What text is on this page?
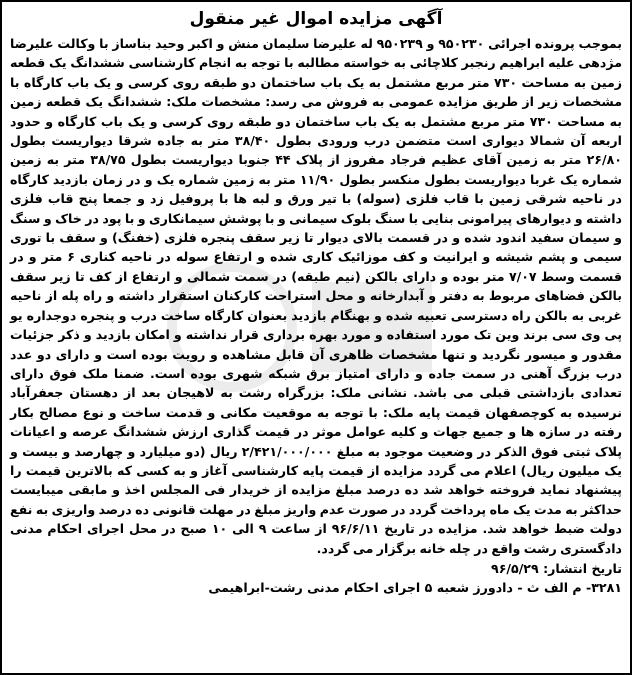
آگهی مزایده اموال غیر منقول

بموجب پرونده اجرائی ۹۵۰۲۳۰ و ۹۵۰۲۳۹ له علیرضا سلیمان منش و اکبر وحید بناساز با وکالت علیرضا مژدهی علیه ابراهیم رنجبر کلاچائی به خواسته مطالبه با توجه به انجام کارشناسی ششدانگ یک قطعه زمین به مساحت ۷۳۰ متر مربع مشتمل به یک باب ساختمان دو طبقه روی کرسی و یک باب کارگاه با مشخصات زیر از طریق مزایده عمومی به فروش می رسد: مشخصات ملک: ششدانگ یک قطعه زمین به مساحت ۷۳۰ متر مربع مشتمل به یک باب ساختمان دو طبقه روی کرسی و یک باب کارگاه و حدود اربعه آن شمالا دیواری است متضمن درب ورودی بطول ۳۸/۴۰ متر به جاده شرقا دیواریست بطول ۲۶/۸۰ متر به زمین آقای عظیم فرجاد مفروز از پلاک ۴۴ جنوبا دیواریست بطول ۳۸/۷۵ متر به زمین شماره یک غربا دیواریست بطول منکسر بطول ۱۱/۹۰ متر به زمین شماره یک و در زمان بازدید کارگاه در ناحیه شرقی زمین با قاب فلزی (سوله) با تیر ورق و لبه ها با پروفیل زد و جمعا پنج قاب فلزی داشته و دیوارهای پیرامونی بنایی با سنگ بلوک سیمانی و با پوشش سیمانکاری و با پود در خاک و سنگ و سیمان سفید اندود شده و در قسمت بالای دیوار تا زیر سقف پنجره فلزی (خفنگ) و سقف با توری سیمی و پشم شیشه و ایرانیت و کف موزائیک کاری شده و ارتفاع سوله در ناحیه کناری ۶ متر و در قسمت وسط ۷/۰۷ متر بوده و دارای بالکن (نیم طبقه) در سمت شمالی و ارتفاع از کف تا زیر سقف بالکن فضاهای مربوط به دفتر و آبدارخانه و محل استراحت کارکنان استقرار داشته و راه پله از ناحیه غربی به بالکن راه دسترسی تعبیه شده و بهنگام بازدید بعنوان کارگاه ساخت درب و پنجره دوجداره یو پی وی سی برند وین تک مورد استفاده و مورد بهره برداری قرار نداشته و امکان بازدید و ذکر جزئیات مقدور و میسور نگردید و تنها مشخصات ظاهری آن قابل مشاهده و رویت بوده است و دارای دو عدد درب بزرگ آهنی در سمت جاده و دارای امتیاز برق شبکه شهری بوده است. ضمنا ملک فوق دارای تعدادی بازداشتی قبلی می باشد. نشانی ملک: بزرگراه رشت به لاهیجان بعد از دهستان جعفرآباد نرسیده به کوچصفهان قیمت پایه ملک: با توجه به موقعیت مکانی و قدمت ساخت و نوع مصالح بکار رفته در سازه ها و جمیع جهات و کلیه عوامل موثر در قیمت گذاری ارزش ششدانگ عرصه و اعیانات پلاک ثبتی فوق الذکر در وضعیت موجود به مبلغ ۲/۴۲۱/۰۰۰/۰۰۰ ریال (دو میلیارد و چهارصد و بیست و یک میلیون ریال) اعلام می گردد مزایده از قیمت پایه کارشناسی آغاز و به کسی که بالاترین قیمت را پیشنهاد نماید فروخته خواهد شد ده درصد مبلغ مزایده از خریدار فی المجلس اخذ و مابقی میبایست حداکثر به مدت یک ماه پرداخت گردد در صورت عدم واریز مبلغ در مهلت قانونی ده درصد واریزی به نفع دولت ضبط خواهد شد. مزایده در تاریخ ۹۶/۶/۱۱ از ساعت ۹ الی ۱۰ صبح در محل اجرای احکام مدنی دادگستری رشت واقع در چله خانه برگزار می گردد.

تاریخ انتشار: ۹۶/۵/۲۹

۳۲۸۱- م الف ث - دادورز شعبه ۵ اجرای احکام مدنی رشت-ابراهیمی
